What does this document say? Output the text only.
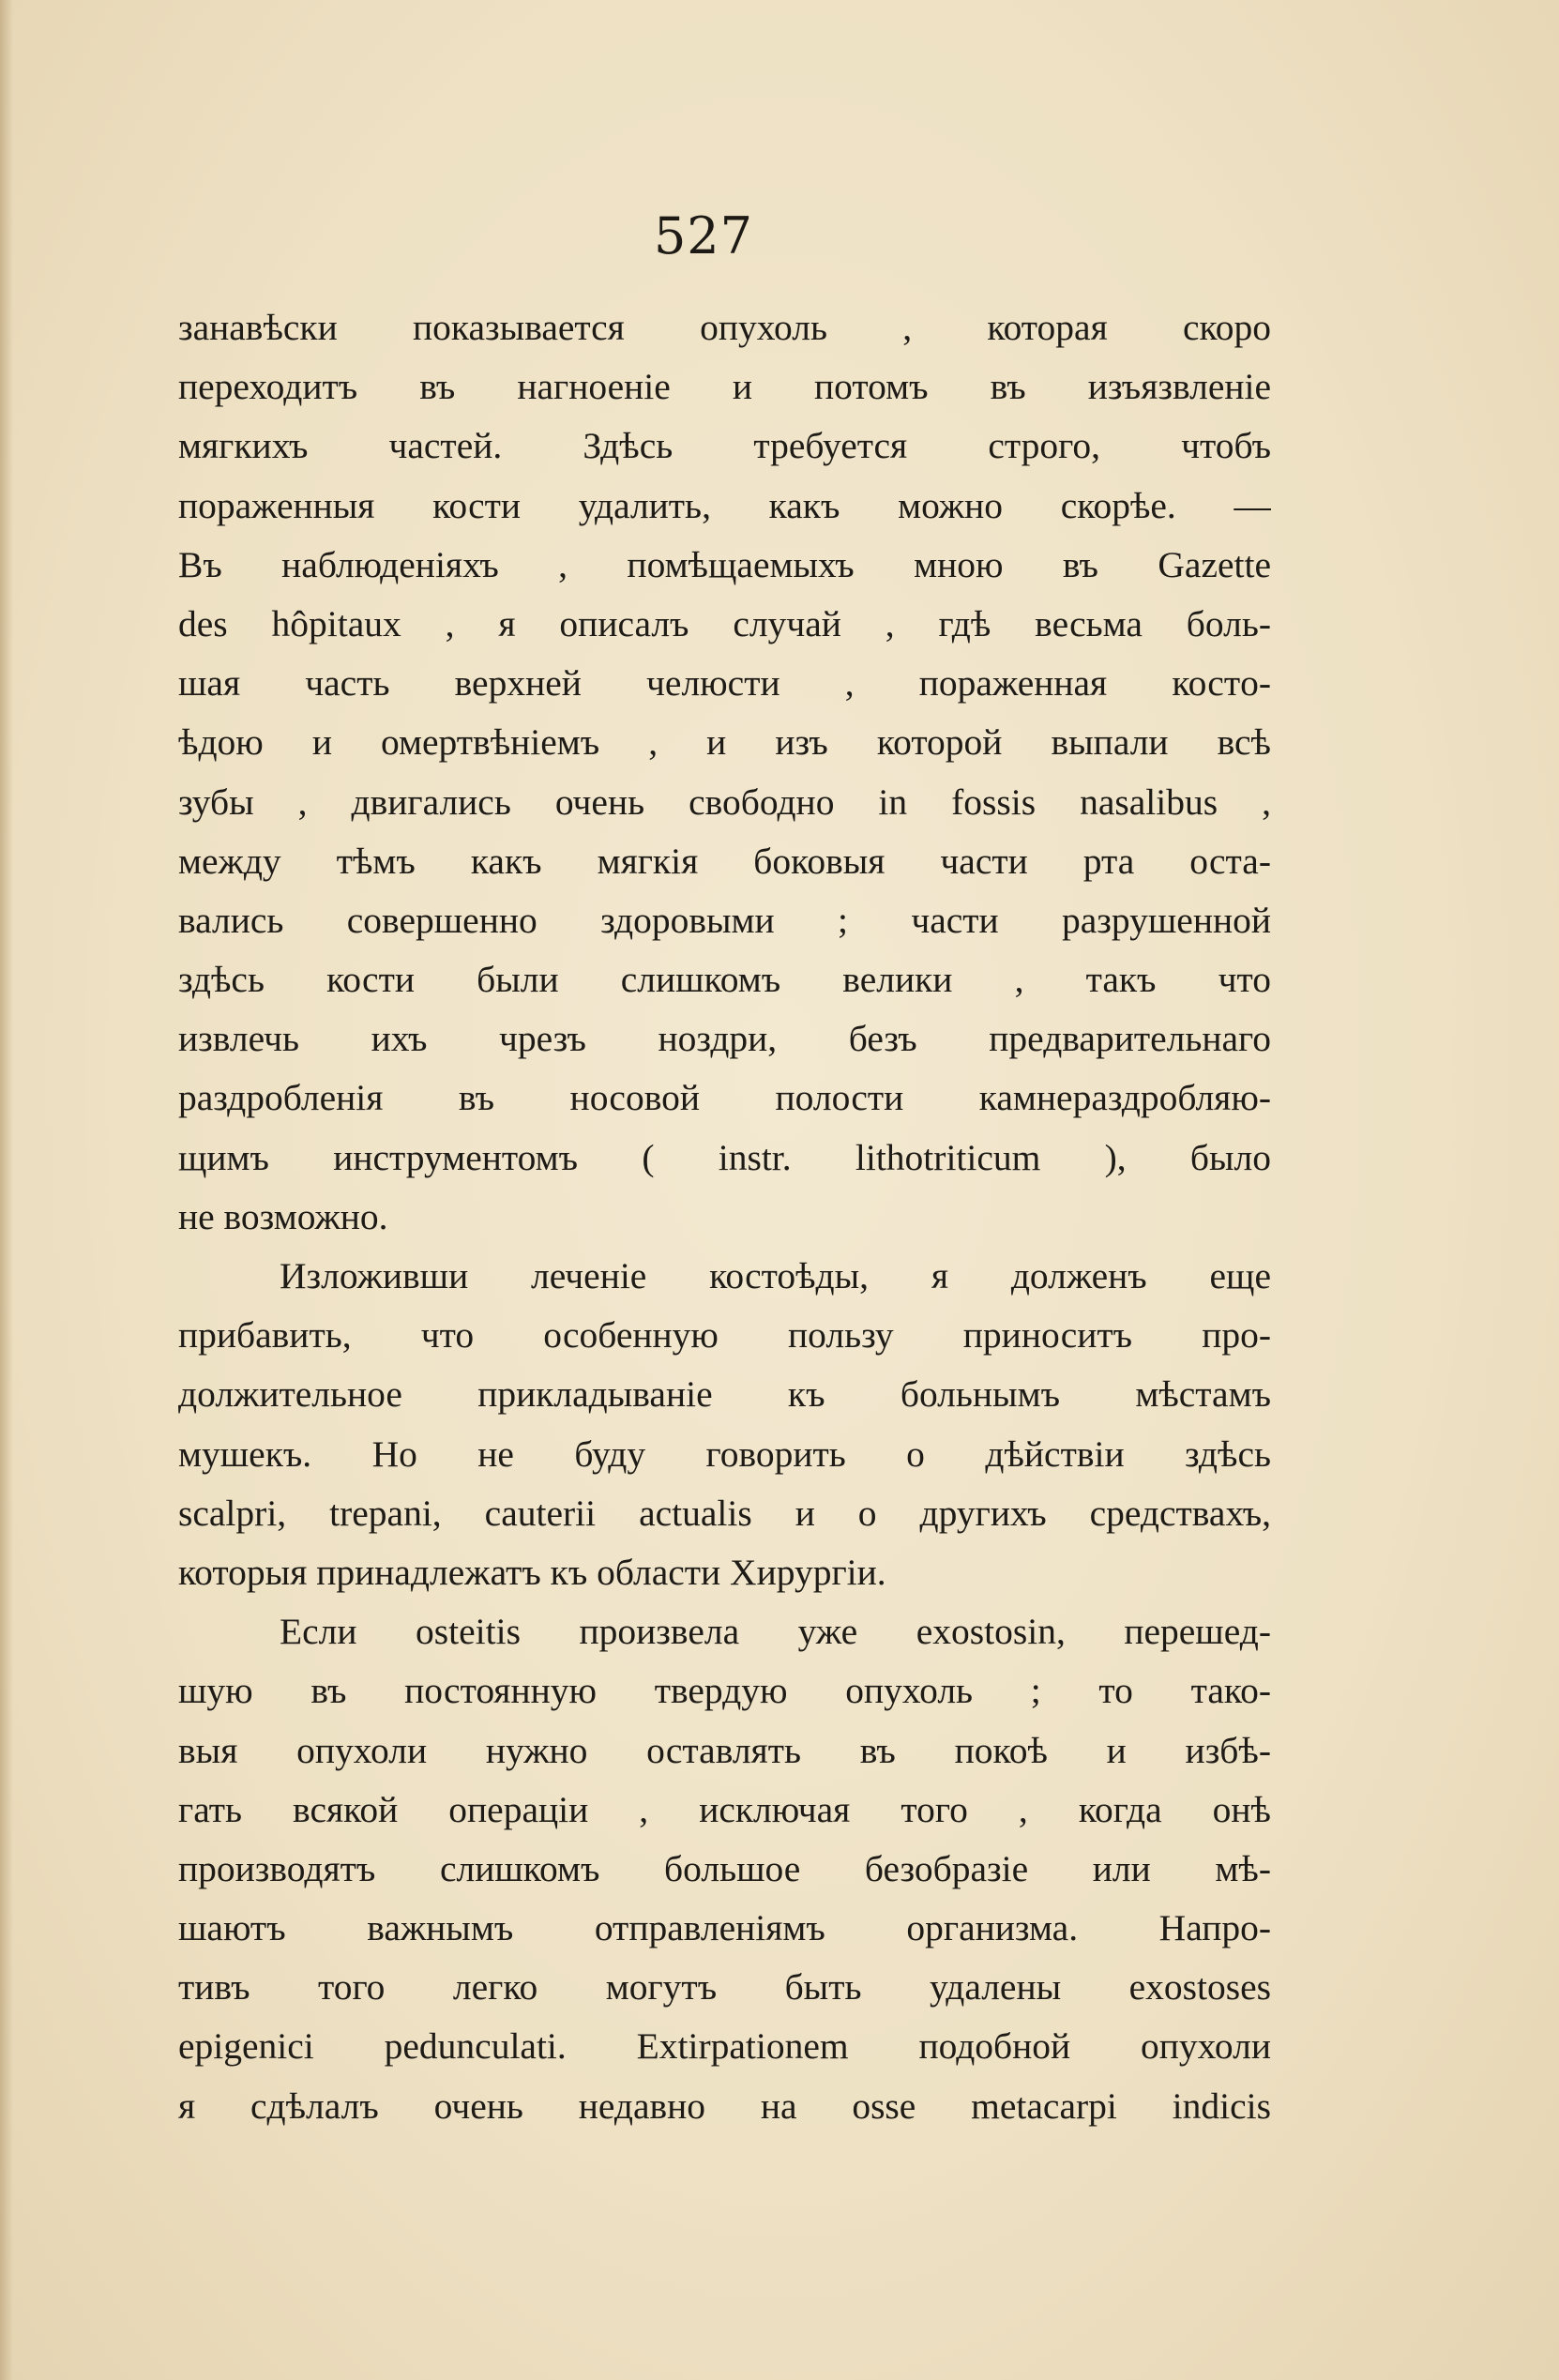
527
занавѣски показывается опухоль , которая скоро
переходитъ въ нагноеніе и потомъ въ изъязвленіе
мягкихъ частей. Здѣсь требуется строго, чтобъ
пораженныя кости удалить, какъ можно скорѣе. —
Въ наблюденіяхъ , помѣщаемыхъ мною въ Gazette
des hôpitaux , я описалъ случай , гдѣ весьма боль-
шая часть верхней челюсти , пораженная костo-
ѣдою и омертвѣніемъ , и изъ которой выпали всѣ
зубы , двигались очень свободно in fossis nasalibus ,
между тѣмъ какъ мягкія боковыя части рта оста-
вались совершенно здоровыми ; части разрушенной
здѣсь кости были слишкомъ велики , такъ что
извлечь ихъ чрезъ ноздри, безъ предварительнаго
раздробленія въ носовой полости камнераздробляю-
щимъ инструментомъ ( instr. lithotriticum ), было
не возможно.
Изложивши леченіе костоѣды, я долженъ еще
прибавить, что особенную пользу приноситъ про-
должительное прикладываніе къ больнымъ мѣстамъ
мушекъ. Но не буду говорить о дѣйствіи здѣсь
scalpri, trepani, cauterii actualis и о другихъ средствахъ,
которыя принадлежатъ къ области Хирургіи.
Если osteitis произвела уже exostosin, перешед-
шую въ постоянную твердую опухоль ; то тако-
выя опухоли нужно оставлять въ покоѣ и избѣ-
гать всякой операціи , исключая того , когда онѣ
производятъ слишкомъ большое безобразіе или мѣ-
шаютъ важнымъ отправленіямъ организма. Напро-
тивъ того легко могутъ быть удалены exostoses
epigenici pedunculati. Extirpationem подобной опухоли
я сдѣлалъ очень недавно на osse metacarpi indicis
